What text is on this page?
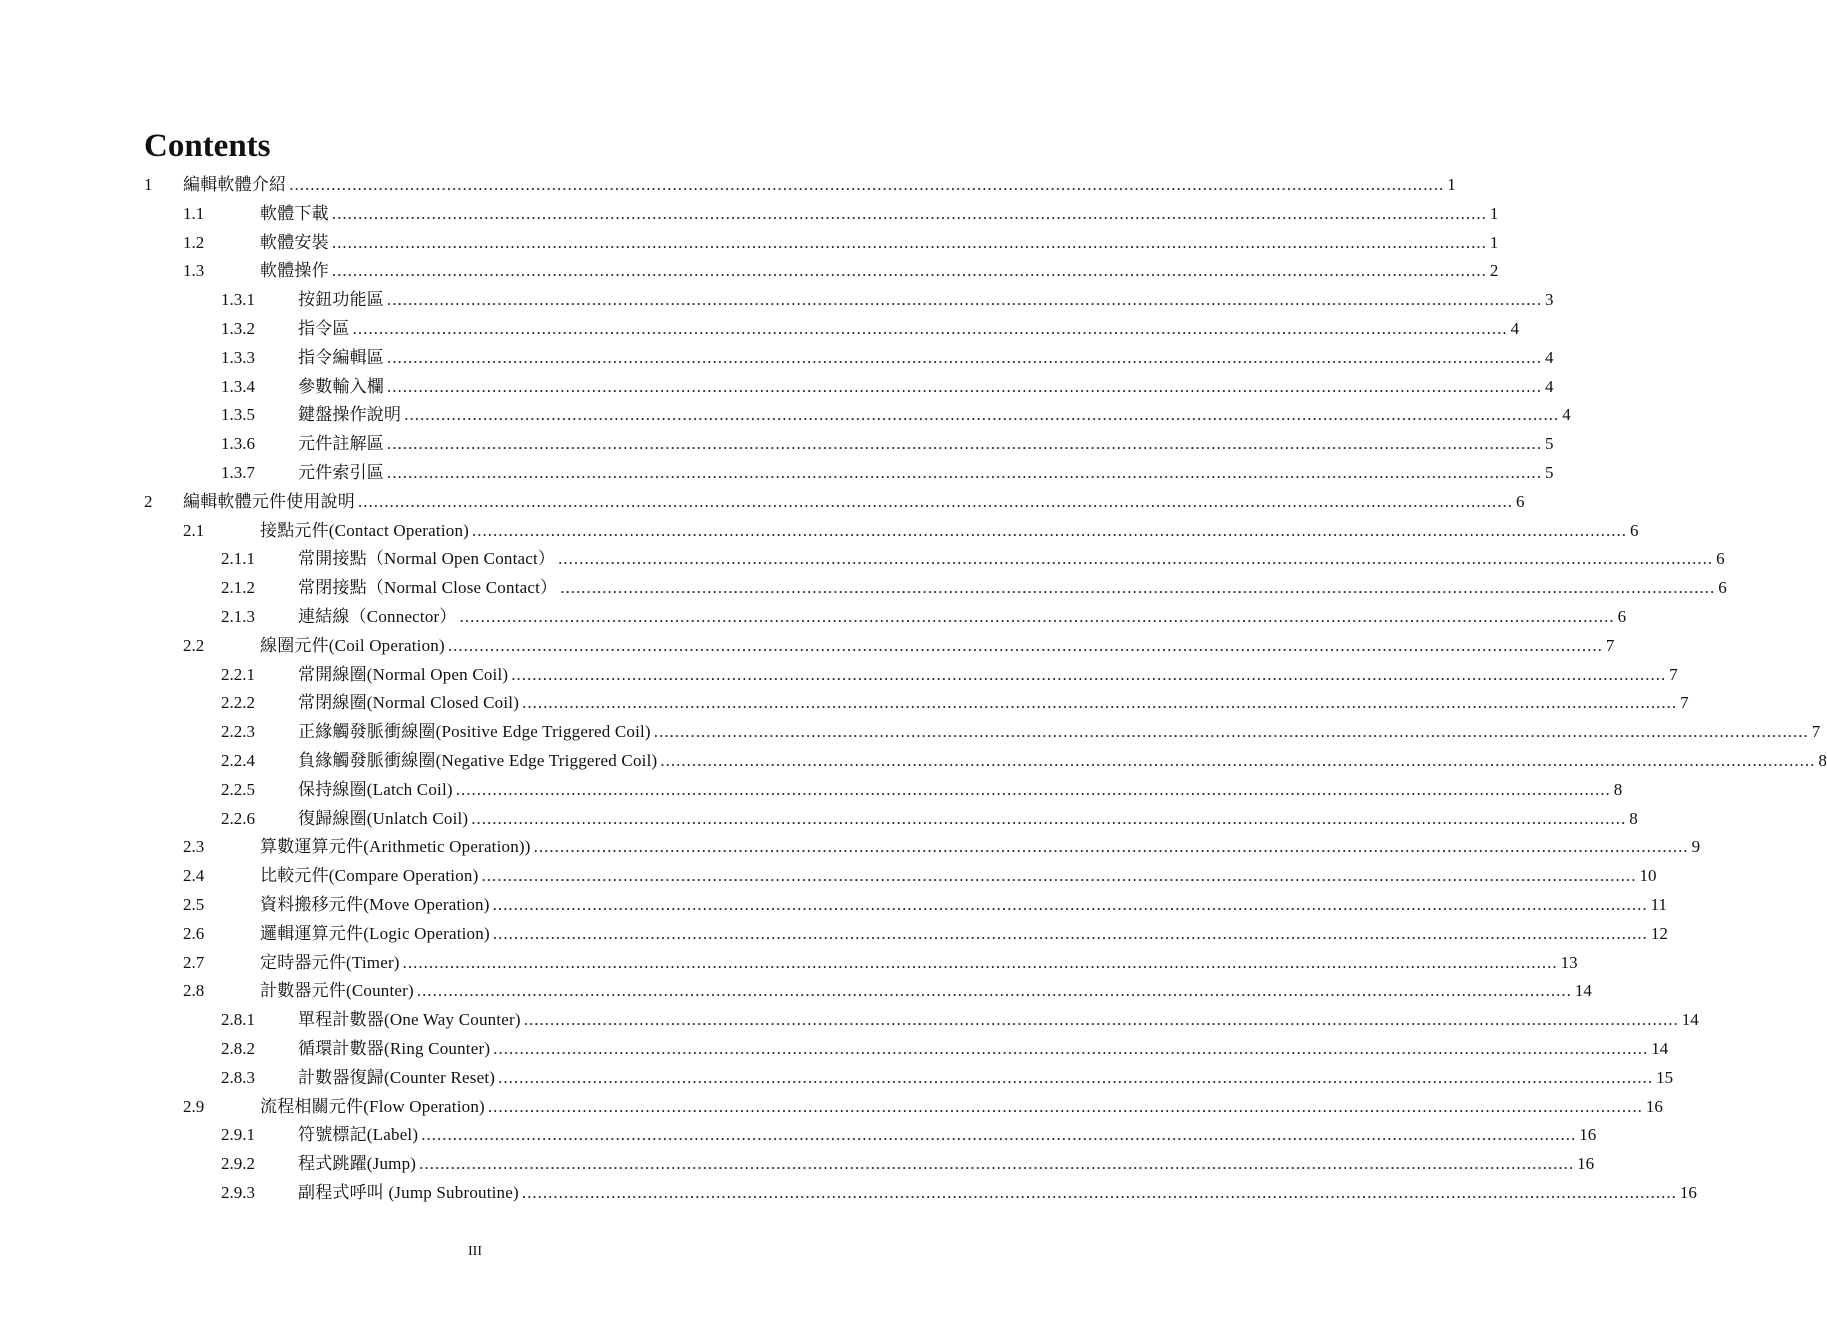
Contents
1 編輯軟體介紹 ............................................................................................................................................................................................................................ 1
1.1	軟體下載 ............................................................................................................................................................................................................................ 1
1.2	軟體安裝 ............................................................................................................................................................................................................................ 1
1.3	軟體操作 ............................................................................................................................................................................................................................ 2
1.3.1	按鈕功能區 ............................................................................................................................................................................................................................ 3
1.3.2	指令區 ............................................................................................................................................................................................................................ 4
1.3.3	指令編輯區 ............................................................................................................................................................................................................................ 4
1.3.4	參數輸入欄 ............................................................................................................................................................................................................................ 4
1.3.5	鍵盤操作說明 ............................................................................................................................................................................................................................ 4
1.3.6	元件註解區 ............................................................................................................................................................................................................................ 5
1.3.7	元件索引區 ............................................................................................................................................................................................................................ 5
2 編輯軟體元件使用說明 ............................................................................................................................................................................................................................ 6
2.1	接點元件(Contact Operation) ............................................................................................................................................................................................................................ 6
2.1.1	常開接點（Normal Open Contact） ............................................................................................................................................................................................................................ 6
2.1.2	常閉接點（Normal Close Contact） ............................................................................................................................................................................................................................ 6
2.1.3	連結線（Connector） ............................................................................................................................................................................................................................ 6
2.2	線圈元件(Coil Operation) ............................................................................................................................................................................................................................ 7
2.2.1	常開線圈(Normal Open Coil) ............................................................................................................................................................................................................................ 7
2.2.2	常閉線圈(Normal Closed Coil) ............................................................................................................................................................................................................................ 7
2.2.3	正緣觸發脈衝線圈(Positive Edge Triggered Coil) ............................................................................................................................................................................................................................ 7
2.2.4	負緣觸發脈衝線圈(Negative Edge Triggered Coil) ............................................................................................................................................................................................................................ 8
2.2.5	保持線圈(Latch Coil) ............................................................................................................................................................................................................................ 8
2.2.6	復歸線圈(Unlatch Coil) ............................................................................................................................................................................................................................ 8
2.3	算數運算元件(Arithmetic Operation)) ............................................................................................................................................................................................................................ 9
2.4	比較元件(Compare Operation) ............................................................................................................................................................................................................................ 10
2.5	資料搬移元件(Move Operation) ............................................................................................................................................................................................................................ 11
2.6	邏輯運算元件(Logic Operation) ............................................................................................................................................................................................................................ 12
2.7	定時器元件(Timer) ............................................................................................................................................................................................................................ 13
2.8	計數器元件(Counter) ............................................................................................................................................................................................................................ 14
2.8.1	單程計數器(One Way Counter) ............................................................................................................................................................................................................................ 14
2.8.2	循環計數器(Ring Counter) ............................................................................................................................................................................................................................ 14
2.8.3	計數器復歸(Counter Reset) ............................................................................................................................................................................................................................ 15
2.9	流程相關元件(Flow Operation) ............................................................................................................................................................................................................................ 16
2.9.1	符號標記(Label) ............................................................................................................................................................................................................................ 16
2.9.2	程式跳躍(Jump) ............................................................................................................................................................................................................................ 16
2.9.3	副程式呼叫 (Jump Subroutine) ............................................................................................................................................................................................................................ 16
III
